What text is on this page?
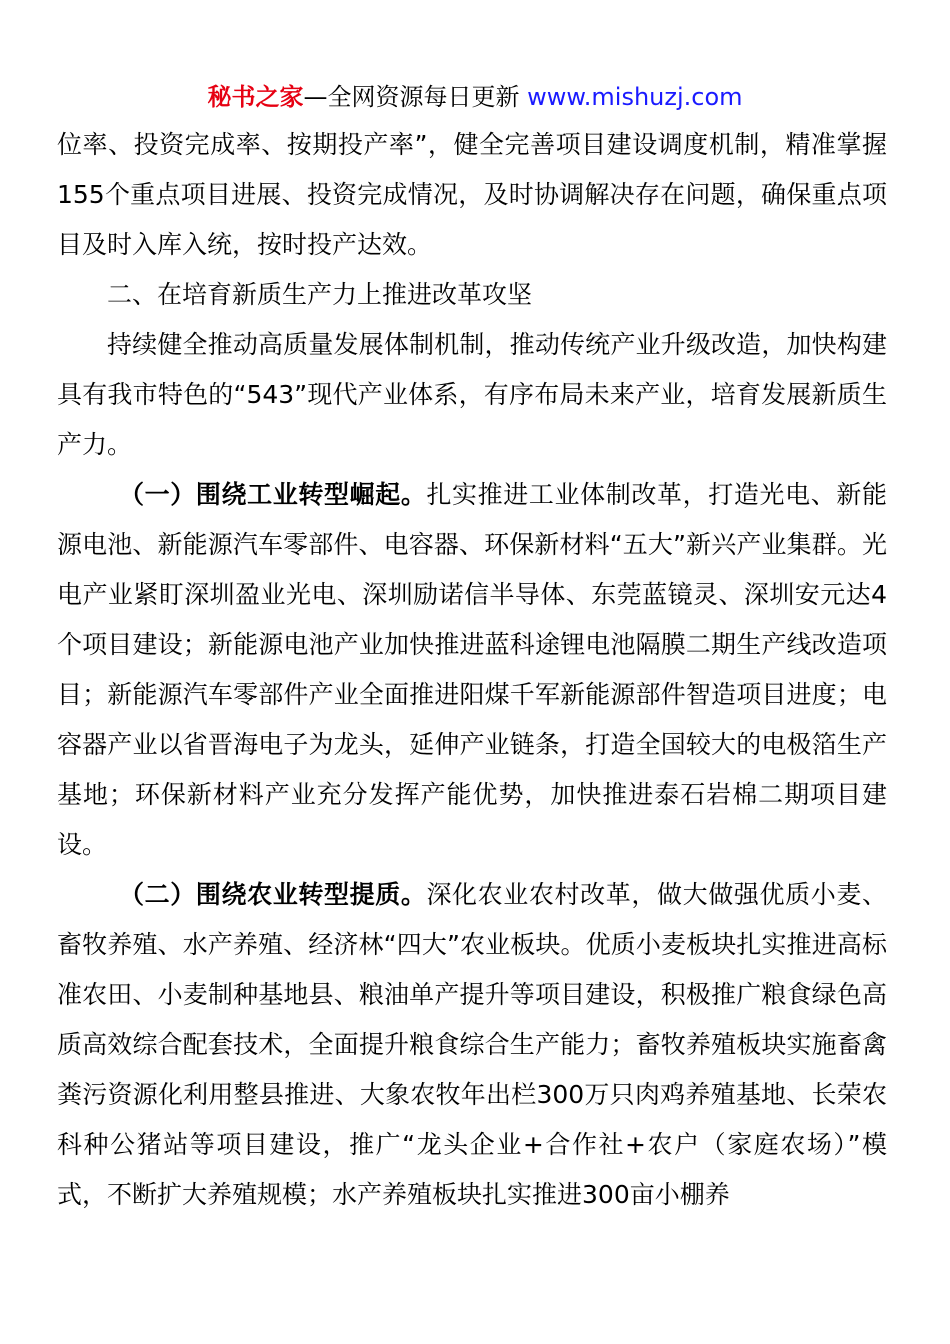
秘书之家—全网资源每日更新 www.mishuzj.com

位率、投资完成率、按期投产率”，健全完善项目建设调度机制，精准掌握155个重点项目进展、投资完成情况，及时协调解决存在问题，确保重点项目及时入库入统，按时投产达效。

二、在培育新质生产力上推进改革攻坚

持续健全推动高质量发展体制机制，推动传统产业升级改造，加快构建具有我市特色的“543”现代产业体系，有序布局未来产业，培育发展新质生产力。

（一）围绕工业转型崛起。扎实推进工业体制改革，打造光电、新能源电池、新能源汽车零部件、电容器、环保新材料“五大”新兴产业集群。光电产业紧盯深圳盈业光电、深圳励诺信半导体、东莞蓝镜灵、深圳安元达4个项目建设；新能源电池产业加快推进蓝科途锂电池隔膜二期生产线改造项目；新能源汽车零部件产业全面推进阳煤千军新能源部件智造项目进度；电容器产业以省晋海电子为龙头，延伸产业链条，打造全国较大的电极箔生产基地；环保新材料产业充分发挥产能优势，加快推进泰石岩棉二期项目建设。

（二）围绕农业转型提质。深化农业农村改革，做大做强优质小麦、畜牧养殖、水产养殖、经济林“四大”农业板块。优质小麦板块扎实推进高标准农田、小麦制种基地县、粮油单产提升等项目建设，积极推广粮食绿色高质高效综合配套技术，全面提升粮食综合生产能力；畜牧养殖板块实施畜禽粪污资源化利用整县推进、大象农牧年出栏300万只肉鸡养殖基地、长荣农科种公猪站等项目建设，推广“龙头企业+合作社+农户（家庭农场）”模式，不断扩大养殖规模；水产养殖板块扎实推进300亩小棚养
